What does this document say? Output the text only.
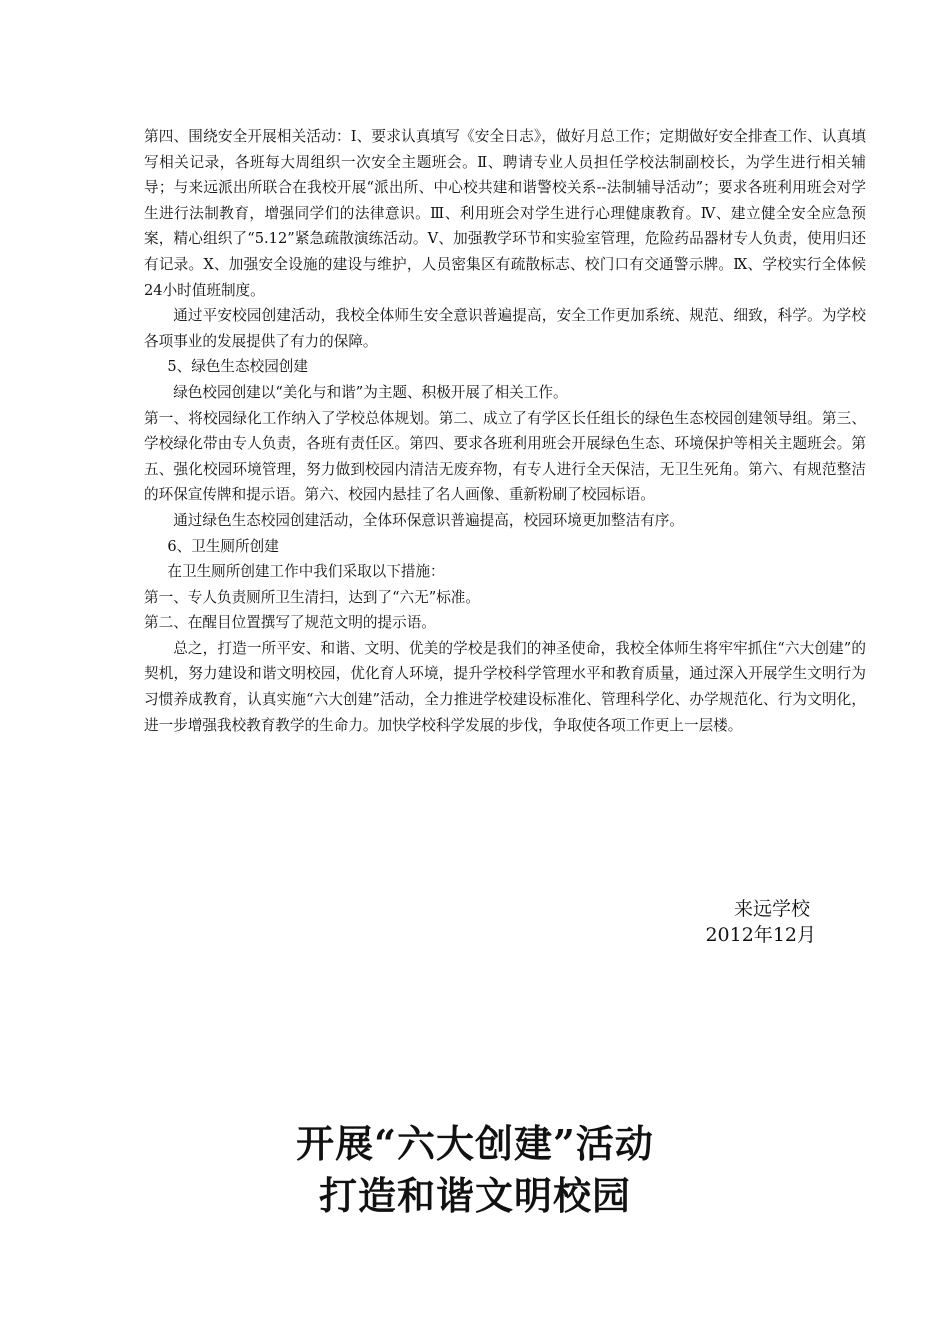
第四、围绕安全开展相关活动：Ⅰ、要求认真填写《安全日志》，做好月总工作；定期做好安全排查工作、认真填写相关记录，各班每大周组织一次安全主题班会。Ⅱ、聘请专业人员担任学校法制副校长，为学生进行相关辅导；与来远派出所联合在我校开展“派出所、中心校共建和谐警校关系--法制辅导活动”；要求各班利用班会对学生进行法制教育，增强同学们的法律意识。Ⅲ、利用班会对学生进行心理健康教育。Ⅳ、建立健全安全应急预案，精心组织了“5.12”紧急疏散演练活动。Ⅴ、加强教学环节和实验室管理，危险药品器材专人负责，使用归还有记录。Ⅹ、加强安全设施的建设与维护，人员密集区有疏散标志、校门口有交通警示牌。Ⅸ、学校实行全体候24小时值班制度。

通过平安校园创建活动，我校全体师生安全意识普遍提高，安全工作更加系统、规范、细致，科学。为学校各项事业的发展提供了有力的保障。

5、绿色生态校园创建

绿色校园创建以“美化与和谐”为主题、积极开展了相关工作。

第一、将校园绿化工作纳入了学校总体规划。第二、成立了有学区长任组长的绿色生态校园创建领导组。第三、学校绿化带由专人负责，各班有责任区。第四、要求各班利用班会开展绿色生态、环境保护等相关主题班会。第五、强化校园环境管理，努力做到校园内清洁无废弃物，有专人进行全天保洁，无卫生死角。第六、有规范整洁的环保宣传牌和提示语。第六、校园内悬挂了名人画像、重新粉刷了校园标语。

通过绿色生态校园创建活动，全体环保意识普遍提高，校园环境更加整洁有序。

6、卫生厕所创建

在卫生厕所创建工作中我们采取以下措施：

第一、专人负责厕所卫生清扫，达到了“六无”标准。

第二、在醒目位置撰写了规范文明的提示语。

总之，打造一所平安、和谐、文明、优美的学校是我们的神圣使命，我校全体师生将牢牢抓住“六大创建”的契机，努力建设和谐文明校园，优化育人环境，提升学校科学管理水平和教育质量，通过深入开展学生文明行为习惯养成教育，认真实施“六大创建”活动，全力推进学校建设标准化、管理科学化、办学规范化、行为文明化，进一步增强我校教育教学的生命力。加快学校科学发展的步伐，争取使各项工作更上一层楼。

来远学校
2012年12月
开展“六大创建”活动
打造和谐文明校园
